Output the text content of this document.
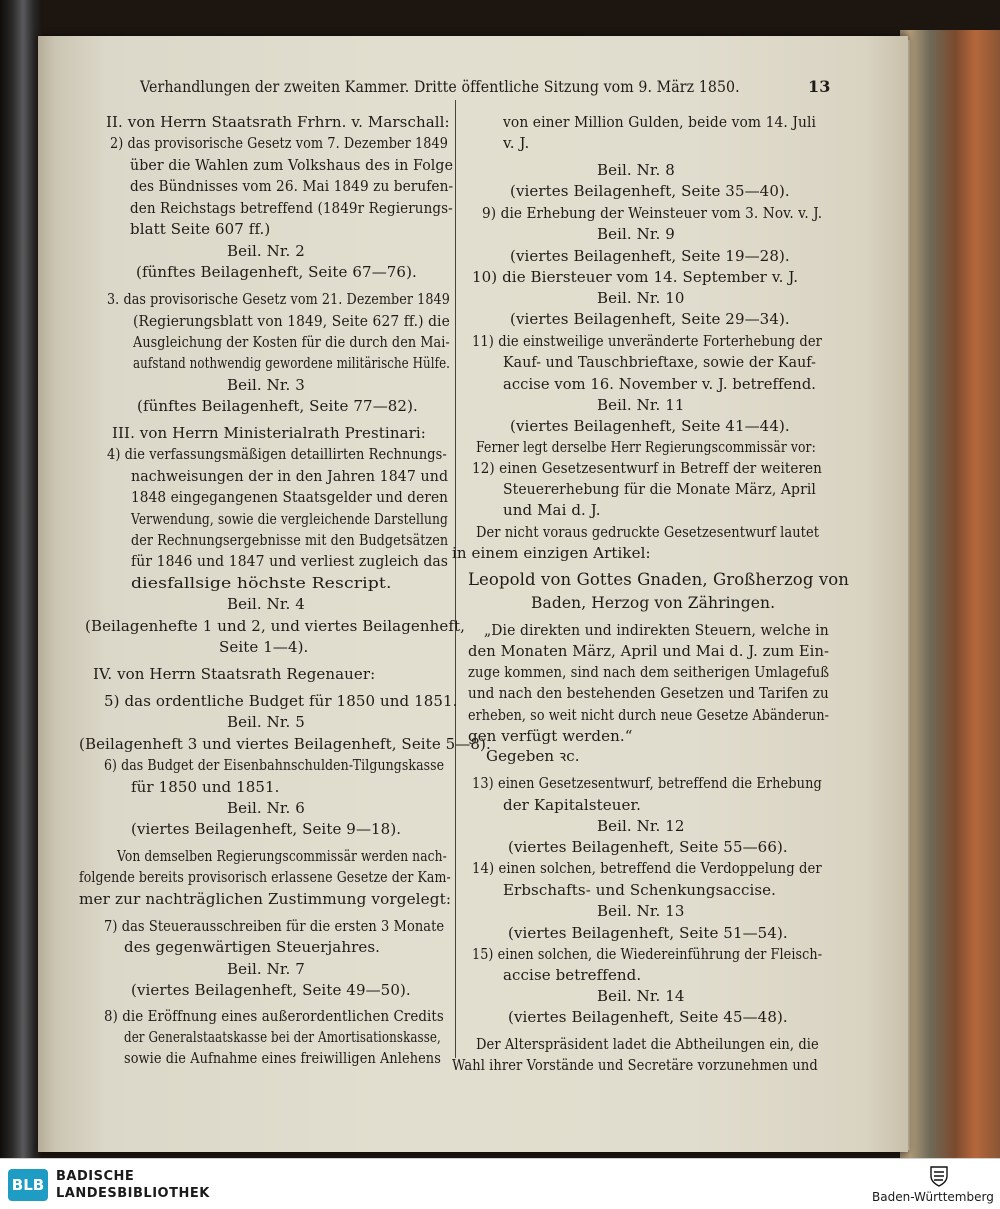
Verhandlungen der zweiten Kammer. Dritte öffentliche Sitzung vom 9. März 1850.	13
II. von Herrn Staatsrath Frhrn. v. Marschall:
2) das provisorische Gesetz vom 7. Dezember 1849
über die Wahlen zum Volkshaus des in Folge
des Bündnisses vom 26. Mai 1849 zu berufen-
den Reichstags betreffend (1849r Regierungs-
blatt Seite 607 ff.)
Beil. Nr. 2
(fünftes Beilagenheft, Seite 67—76).
3. das provisorische Gesetz vom 21. Dezember 1849
(Regierungsblatt von 1849, Seite 627 ff.) die
Ausgleichung der Kosten für die durch den Mai-
aufstand nothwendig gewordene militärische Hülfe.
Beil. Nr. 3
(fünftes Beilagenheft, Seite 77—82).
III. von Herrn Ministerialrath Prestinari:
4) die verfassungsmäßigen detaillirten Rechnungs-
nachweisungen der in den Jahren 1847 und
1848 eingegangenen Staatsgelder und deren
Verwendung, sowie die vergleichende Darstellung
der Rechnungsergebnisse mit den Budgetsätzen
für 1846 und 1847 und verliest zugleich das
diesfallsige höchste Rescript.
Beil. Nr. 4
(Beilagenhefte 1 und 2, und viertes Beilagenheft,
Seite 1—4).
IV. von Herrn Staatsrath Regenauer:
5) das ordentliche Budget für 1850 und 1851.
Beil. Nr. 5
(Beilagenheft 3 und viertes Beilagenheft, Seite 5—8).
6) das Budget der Eisenbahnschulden-Tilgungskasse
für 1850 und 1851.
Beil. Nr. 6
(viertes Beilagenheft, Seite 9—18).
Von demselben Regierungscommissär werden nach-
folgende bereits provisorisch erlassene Gesetze der Kam-
mer zur nachträglichen Zustimmung vorgelegt:
7) das Steuerausschreiben für die ersten 3 Monate
des gegenwärtigen Steuerjahres.
Beil. Nr. 7
(viertes Beilagenheft, Seite 49—50).
8) die Eröffnung eines außerordentlichen Credits
der Generalstaatskasse bei der Amortisationskasse,
sowie die Aufnahme eines freiwilligen Anlehens
von einer Million Gulden, beide vom 14. Juli
v. J.
Beil. Nr. 8
(viertes Beilagenheft, Seite 35—40).
9) die Erhebung der Weinsteuer vom 3. Nov. v. J.
Beil. Nr. 9
(viertes Beilagenheft, Seite 19—28).
10) die Biersteuer vom 14. September v. J.
Beil. Nr. 10
(viertes Beilagenheft, Seite 29—34).
11) die einstweilige unveränderte Forterhebung der
Kauf- und Tauschbrieftaxe, sowie der Kauf-
accise vom 16. November v. J. betreffend.
Beil. Nr. 11
(viertes Beilagenheft, Seite 41—44).
Ferner legt derselbe Herr Regierungscommissär vor:
12) einen Gesetzesentwurf in Betreff der weiteren
Steuererhebung für die Monate März, April
und Mai d. J.
Der nicht voraus gedruckte Gesetzesentwurf lautet
in einem einzigen Artikel:
Leopold von Gottes Gnaden, Großherzog von
Baden, Herzog von Zähringen.
„Die direkten und indirekten Steuern, welche in
den Monaten März, April und Mai d. J. zum Ein-
zuge kommen, sind nach dem seitherigen Umlagefuß
und nach den bestehenden Gesetzen und Tarifen zu
erheben, so weit nicht durch neue Gesetze Abänderun-
gen verfügt werden.“
Gegeben ꝛc.
13) einen Gesetzesentwurf, betreffend die Erhebung
der Kapitalsteuer.
Beil. Nr. 12
(viertes Beilagenheft, Seite 55—66).
14) einen solchen, betreffend die Verdoppelung der
Erbschafts- und Schenkungsaccise.
Beil. Nr. 13
(viertes Beilagenheft, Seite 51—54).
15) einen solchen, die Wiedereinführung der Fleisch-
accise betreffend.
Beil. Nr. 14
(viertes Beilagenheft, Seite 45—48).
Der Alterspräsident ladet die Abtheilungen ein, die
Wahl ihrer Vorstände und Secretäre vorzunehmen und
BLB BADISCHE
LANDESBIBLIOTHEK	Baden-Württemberg
